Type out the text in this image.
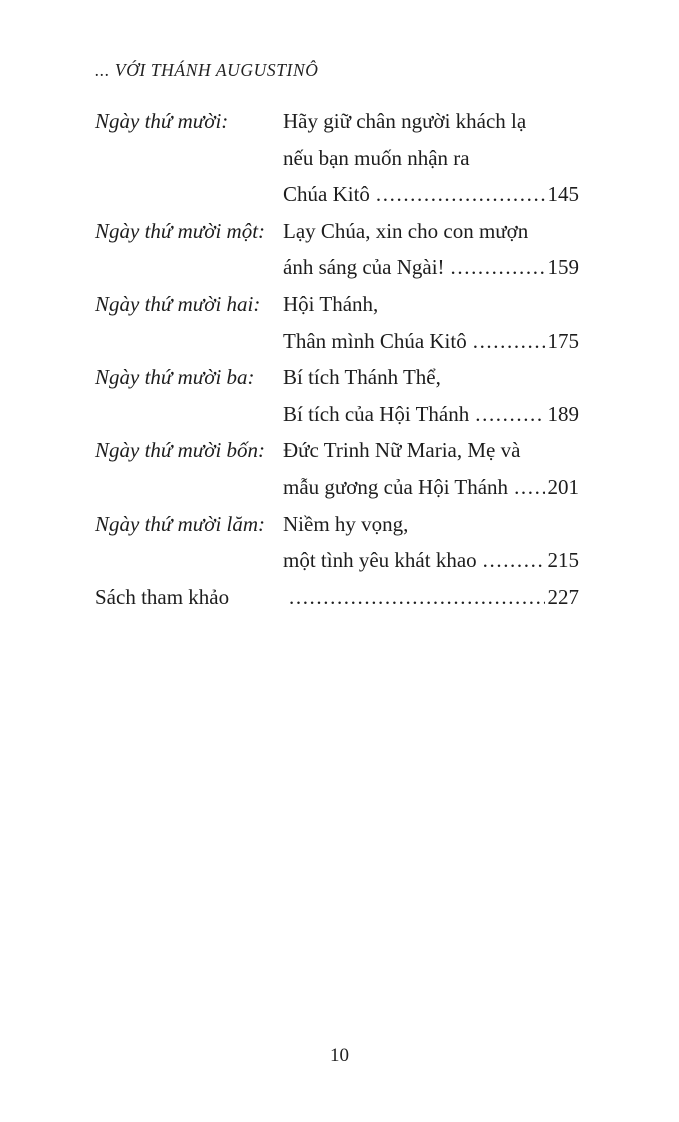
... VỚI THÁNH AUGUSTINÔ
Ngày thứ mười:	Hãy giữ chân người khách lạ
nếu bạn muốn nhận ra
Chúa Kitô .....	145
Ngày thứ mười một: Lạy Chúa, xin cho con mượn
ánh sáng của Ngài! .....	159
Ngày thứ mười hai:	Hội Thánh,
Thân mình Chúa Kitô .....	175
Ngày thứ mười ba:	Bí tích Thánh Thể,
Bí tích của Hội Thánh .....	189
Ngày thứ mười bốn: Đức Trinh Nữ Maria, Mẹ và
mẫu gương của Hội Thánh ..... 201
Ngày thứ mười lăm: Niềm hy vọng,
một tình yêu khát khao .....	215
Sách tham khảo .....	227
10
